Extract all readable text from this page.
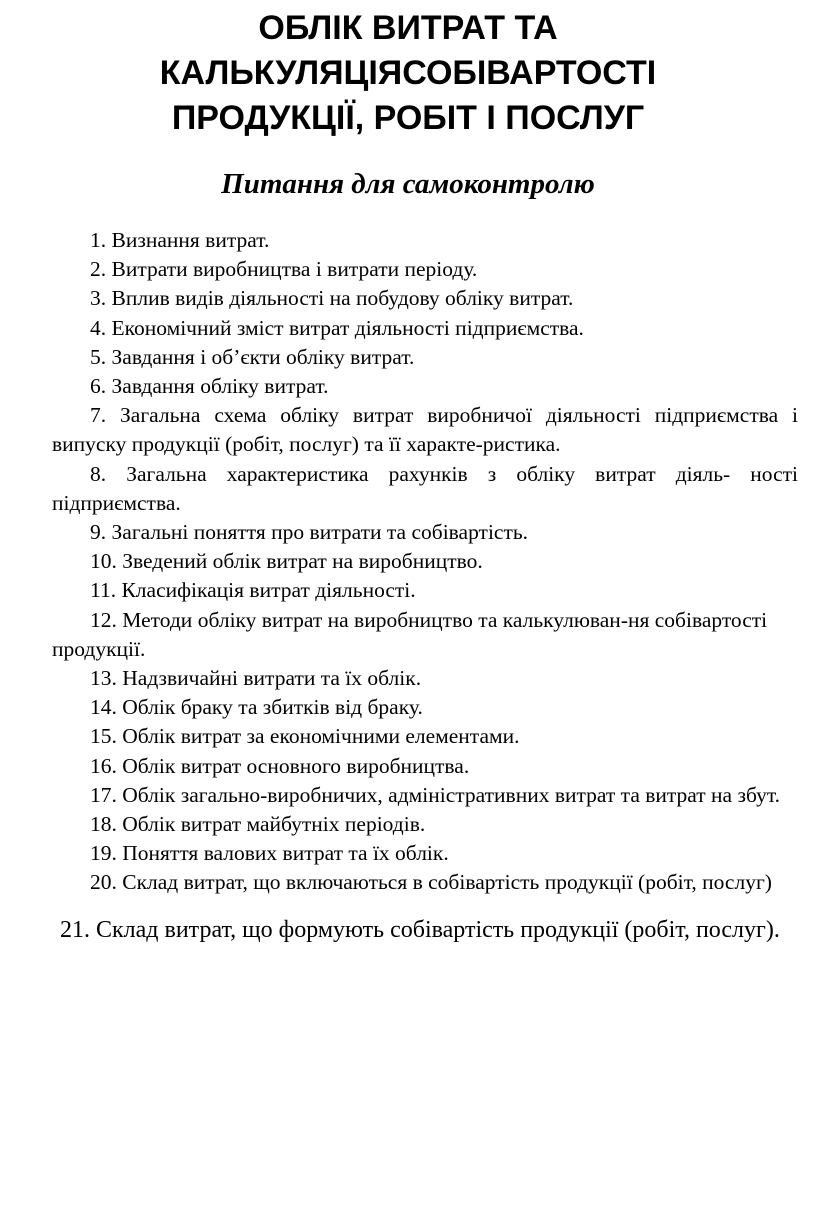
ОБЛІК ВИТРАТ ТА
КАЛЬКУЛЯЦІЯСОБІВАРТОСТІ
ПРОДУКЦІЇ, РОБІТ І ПОСЛУГ
Питання для самоконтролю
1. Визнання витрат.
2. Витрати виробництва і витрати періоду.
3. Вплив видів діяльності на побудову обліку витрат.
4. Економічний зміст витрат діяльності підприємства.
5. Завдання і об’єкти обліку витрат.
6. Завдання обліку витрат.
7. Загальна схема обліку витрат виробничої діяльності підприємства і випуску продукції (робіт, послуг) та її характе-ристика.
8. Загальна характеристика рахунків з обліку витрат діяль- ності підприємства.
9. Загальні поняття про витрати та собівартість.
10. Зведений облік витрат на виробництво.
11. Класифікація витрат діяльності.
12. Методи обліку витрат на виробництво та калькулюван-ня собівартості продукції.
13. Надзвичайні витрати та їх облік.
14. Облік браку та збитків від браку.
15. Облік витрат за економічними елементами.
16. Облік витрат основного виробництва.
17. Облік загально-виробничих, адміністративних витрат та витрат на збут.
18. Облік витрат майбутніх періодів.
19. Поняття валових витрат та їх облік.
20. Склад витрат, що включаються в собівартість продукції (робіт, послуг)
21. Склад витрат, що формують собівартість продукції (робіт, послуг).
